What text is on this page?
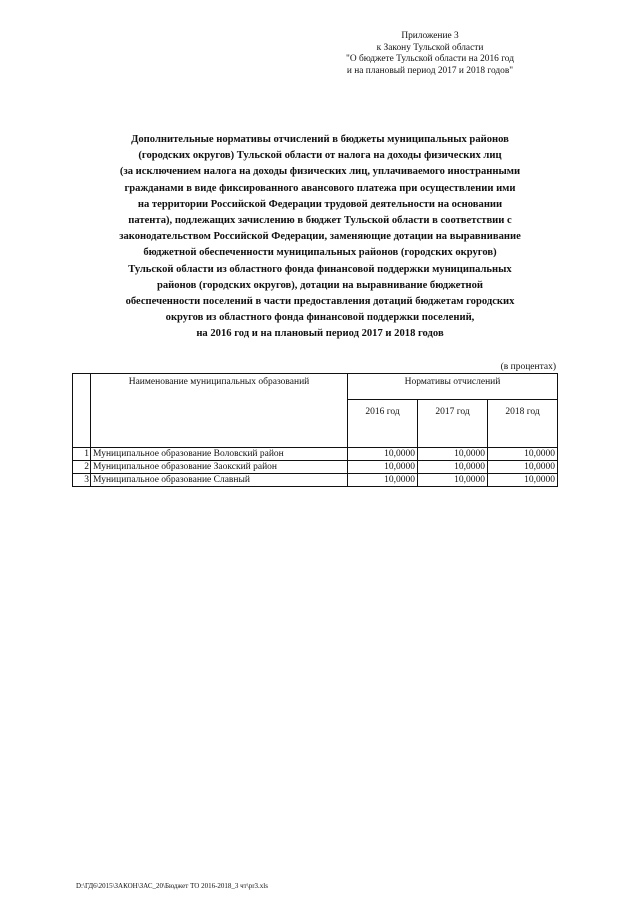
Приложение 3
к Закону Тульской области
"О бюджете Тульской области на 2016 год
и на плановый период 2017 и 2018 годов"
Дополнительные нормативы отчислений в бюджеты муниципальных районов
(городских округов) Тульской области от налога на доходы физических лиц
(за исключением налога на доходы физических лиц, уплачиваемого иностранными
гражданами в виде фиксированного авансового платежа при осуществлении ими
на территории Российской Федерации трудовой деятельности на основании
патента), подлежащих зачислению в бюджет Тульской области в соответствии с
законодательством Российской Федерации, заменяющие дотации на выравнивание
бюджетной обеспеченности муниципальных районов (городских округов)
Тульской области из областного фонда финансовой поддержки муниципальных
районов (городских округов), дотации на выравнивание бюджетной
обеспеченности поселений в части предоставления дотаций бюджетам городских
округов из областного фонда финансовой поддержки поселений,
на 2016 год и на плановый период 2017 и 2018 годов
(в процентах)
	Наименование муниципальных образований	Нормативы отчислений		
		2016 год	2017 год	2018 год
1	Муниципальное образование Воловский район	10,0000	10,0000	10,0000
2	Муниципальное образование Заокский район	10,0000	10,0000	10,0000
3	Муниципальное образование Славный	10,0000	10,0000	10,0000
D:\ГД6\2015\ЗАКОН\ЗАС_20\Бюджет ТО 2016-2018_3 чт\pr3.xls
